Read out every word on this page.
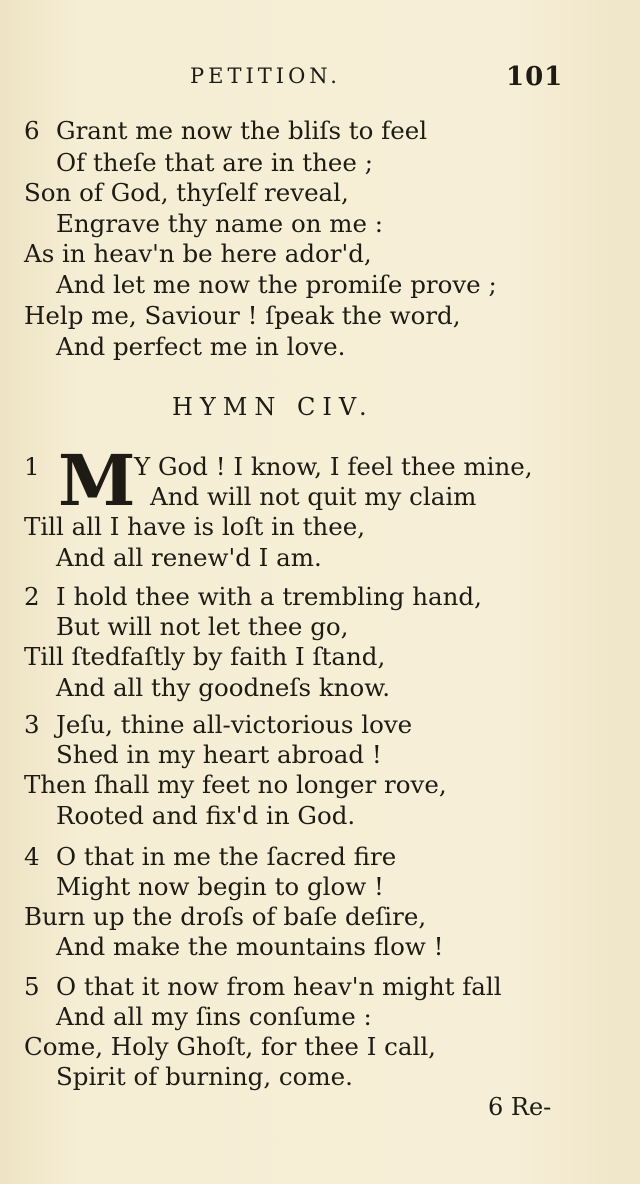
PETITION.	101
6 Grant me now the bliſs to feel
Of theſe that are in thee ;
Son of God, thyſelf reveal,
Engrave thy name on me :
As in heav'n be here ador'd,
And let me now the promiſe prove ;
Help me, Saviour ! ſpeak the word,
And perfect me in love.
HYMN CIV.
1 M
Y God ! I know, I feel thee mine,
And will not quit my claim
Till all I have is loſt in thee,
And all renew'd I am.
2 I hold thee with a trembling hand,
But will not let thee go,
Till ſtedfaſtly by faith I ſtand,
And all thy goodneſs know.
3 Jeſu, thine all-victorious love
Shed in my heart abroad !
Then ſhall my feet no longer rove,
Rooted and fix'd in God.
4 O that in me the ſacred fire
Might now begin to glow !
Burn up the droſs of baſe deſire,
And make the mountains flow !
5 O that it now from heav'n might fall
And all my ſins conſume :
Come, Holy Ghoſt, for thee I call,
Spirit of burning, come.
6 Re-
